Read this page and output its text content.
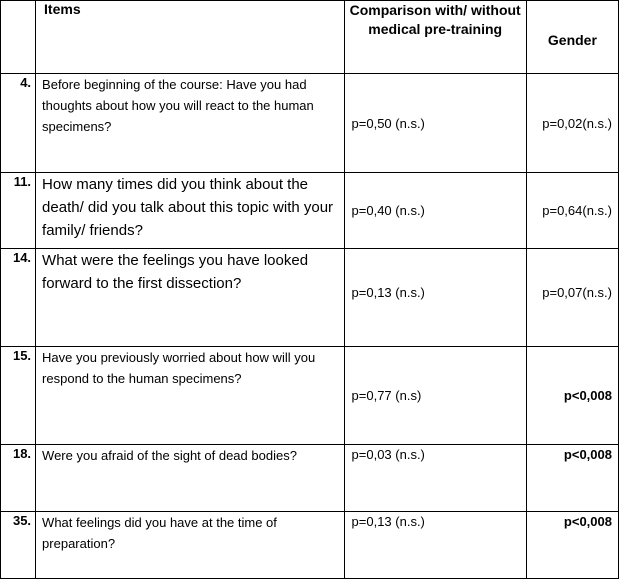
	Items	Comparison with/ without medical pre-training	Gender
4.	Before beginning of the course: Have you had thoughts about how you will react to the human specimens?	p=0,50 (n.s.)	p=0,02(n.s.)
11.	How many times did you think about the death/ did you talk about this topic with your family/ friends?	p=0,40 (n.s.)	p=0,64(n.s.)
14.	What were the feelings you have looked forward to the first dissection?	p=0,13 (n.s.)	p=0,07(n.s.)
15.	Have you previously worried about how will you respond to the human specimens?	p=0,77 (n.s)	p<0,008
18.	Were you afraid of the sight of dead bodies?	p=0,03 (n.s.)	p<0,008
35.	What feelings did you have at the time of preparation?	p=0,13 (n.s.)	p<0,008
